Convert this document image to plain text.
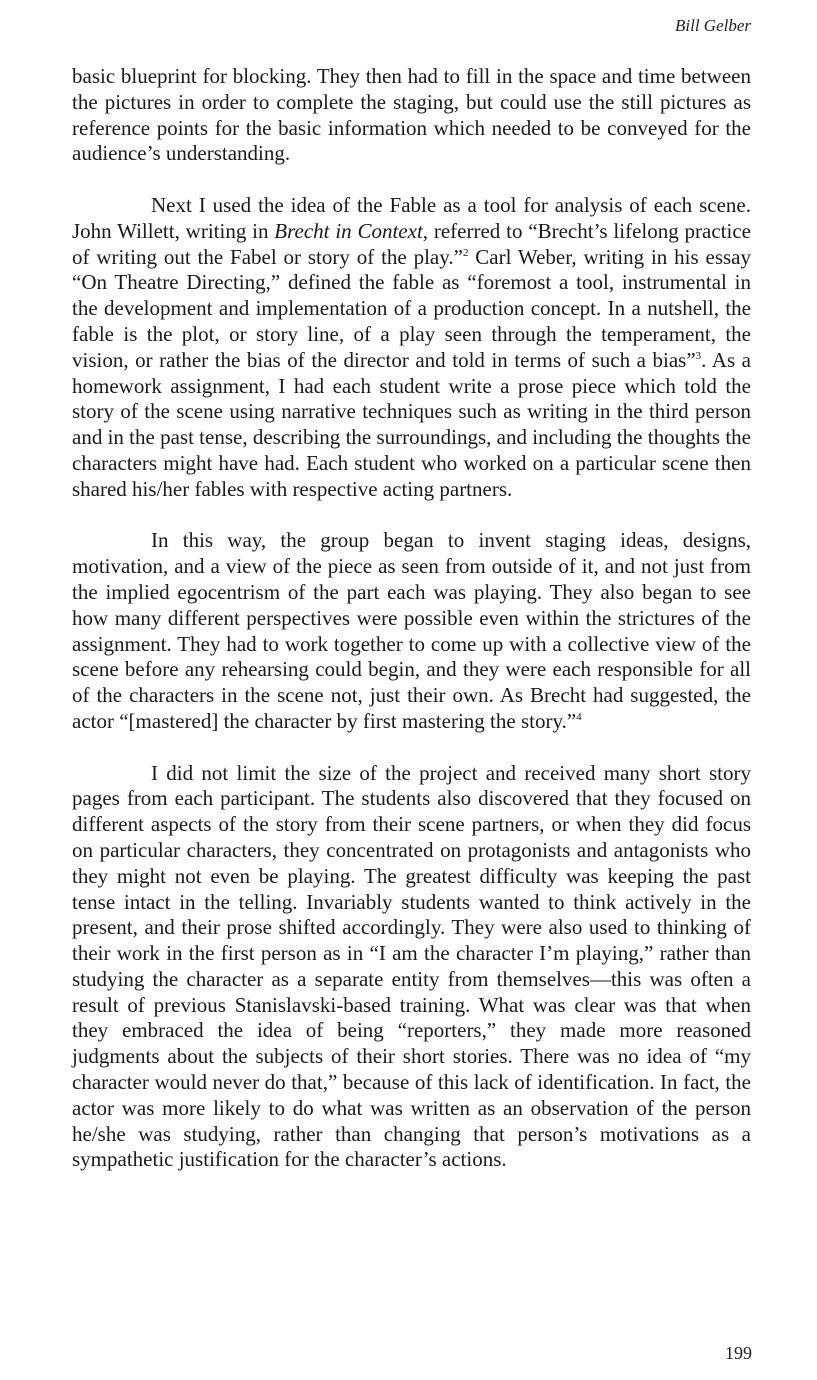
Bill Gelber

basic blueprint for blocking. They then had to fill in the space and time between the pictures in order to complete the staging, but could use the still pictures as reference points for the basic information which needed to be conveyed for the audience’s understanding.

Next I used the idea of the Fable as a tool for analysis of each scene. John Willett, writing in Brecht in Context, referred to “Brecht’s lifelong practice of writing out the Fabel or story of the play.”$^2$ Carl Weber, writing in his essay “On Theatre Directing,” defined the fable as “foremost a tool, instrumental in the development and implementation of a production concept. In a nutshell, the fable is the plot, or story line, of a play seen through the temperament, the vision, or rather the bias of the director and told in terms of such a bias”$^3$. As a homework assignment, I had each student write a prose piece which told the story of the scene using narrative techniques such as writing in the third person and in the past tense, describing the surroundings, and including the thoughts the characters might have had. Each student who worked on a particular scene then shared his/her fables with respective acting partners.

In this way, the group began to invent staging ideas, designs, motivation, and a view of the piece as seen from outside of it, and not just from the implied egocentrism of the part each was playing. They also began to see how many different perspectives were possible even within the strictures of the assignment. They had to work together to come up with a collective view of the scene before any rehearsing could begin, and they were each responsible for all of the characters in the scene not, just their own. As Brecht had suggested, the actor “[mastered] the character by first mastering the story.”$^4$

I did not limit the size of the project and received many short story pages from each participant. The students also discovered that they focused on different aspects of the story from their scene partners, or when they did focus on particular characters, they concentrated on protagonists and antagonists who they might not even be playing. The greatest difficulty was keeping the past tense intact in the telling. Invariably students wanted to think actively in the present, and their prose shifted accordingly. They were also used to thinking of their work in the first person as in “I am the character I’m playing,” rather than studying the character as a separate entity from themselves—this was often a result of previous Stanislavski-based training. What was clear was that when they embraced the idea of being “reporters,” they made more reasoned judgments about the subjects of their short stories. There was no idea of “my character would never do that,” because of this lack of identification. In fact, the actor was more likely to do what was written as an observation of the person he/she was studying, rather than changing that person’s motivations as a sympathetic justification for the character’s actions.

199
